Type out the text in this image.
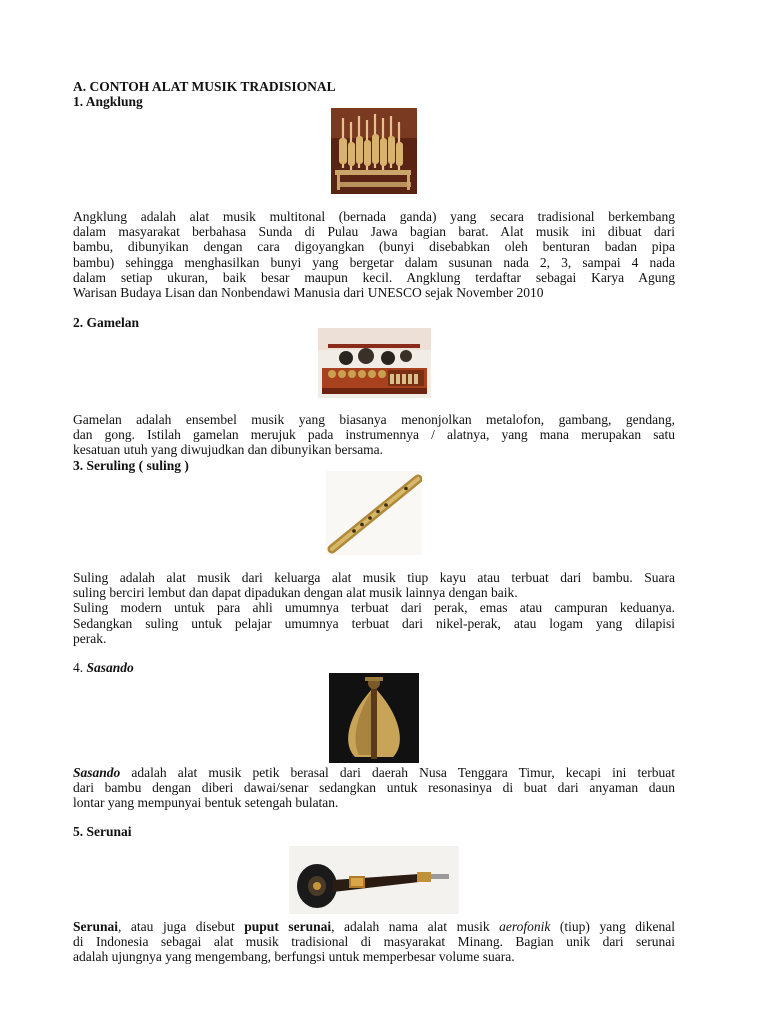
A. CONTOH ALAT MUSIK TRADISIONAL
1. Angklung
Angklung adalah alat musik multitonal (bernada ganda) yang secara tradisional berkembang
dalam masyarakat berbahasa Sunda di Pulau Jawa bagian barat. Alat musik ini dibuat dari
bambu, dibunyikan dengan cara digoyangkan (bunyi disebabkan oleh benturan badan pipa
bambu) sehingga menghasilkan bunyi yang bergetar dalam susunan nada 2, 3, sampai 4 nada
dalam setiap ukuran, baik besar maupun kecil. Angklung terdaftar sebagai Karya Agung
Warisan Budaya Lisan dan Nonbendawi Manusia dari UNESCO sejak November 2010
2. Gamelan
Gamelan adalah ensembel musik yang biasanya menonjolkan metalofon, gambang, gendang,
dan gong. Istilah gamelan merujuk pada instrumennya / alatnya, yang mana merupakan satu
kesatuan utuh yang diwujudkan dan dibunyikan bersama.
3. Seruling ( suling )
Suling adalah alat musik dari keluarga alat musik tiup kayu atau terbuat dari bambu. Suara
suling berciri lembut dan dapat dipadukan dengan alat musik lainnya dengan baik.
Suling modern untuk para ahli umumnya terbuat dari perak, emas atau campuran keduanya.
Sedangkan suling untuk pelajar umumnya terbuat dari nikel-perak, atau logam yang dilapisi
perak.
4. Sasando
Sasando adalah alat musik petik berasal dari daerah Nusa Tenggara Timur, kecapi ini terbuat
dari bambu dengan diberi dawai/senar sedangkan untuk resonasinya di buat dari anyaman daun
lontar yang mempunyai bentuk setengah bulatan.
5. Serunai
Serunai, atau juga disebut puput serunai, adalah nama alat musik aerofonik (tiup) yang dikenal
di Indonesia sebagai alat musik tradisional di masyarakat Minang. Bagian unik dari serunai
adalah ujungnya yang mengembang, berfungsi untuk memperbesar volume suara.
